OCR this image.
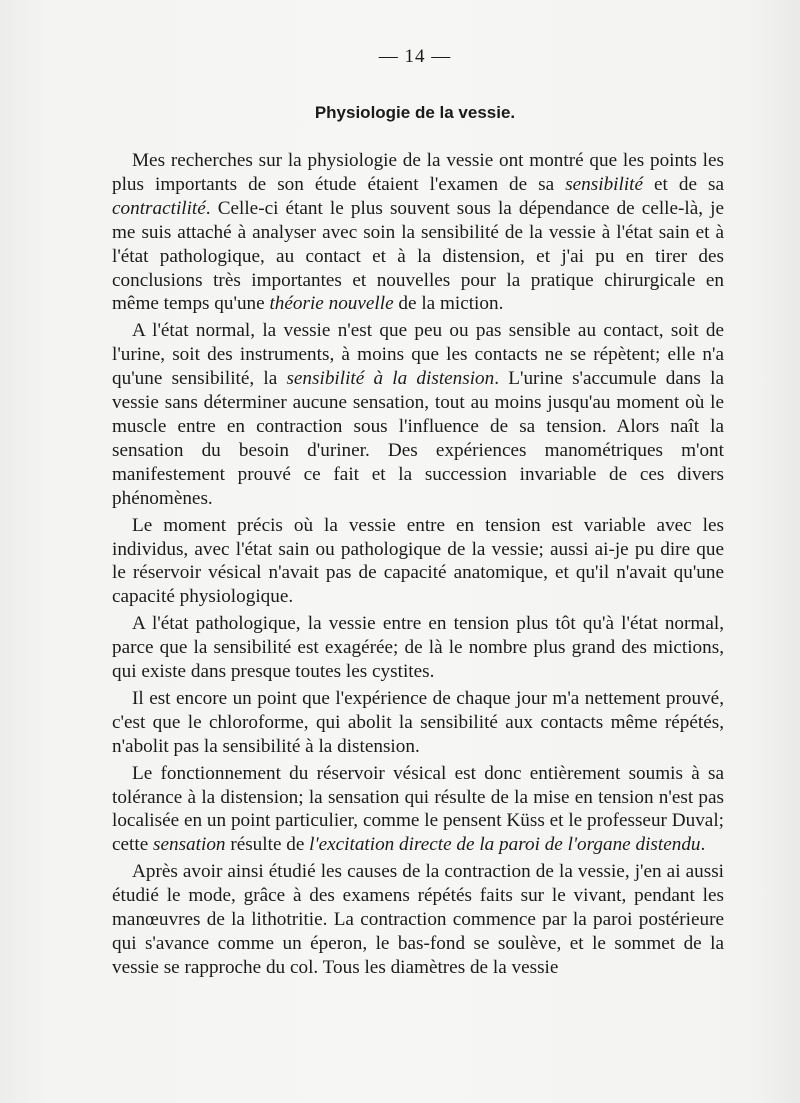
— 14 —
Physiologie de la vessie.

Mes recherches sur la physiologie de la vessie ont montré que les points les plus importants de son étude étaient l'examen de sa sensibilité et de sa contractilité. Celle-ci étant le plus souvent sous la dépendance de celle-là, je me suis attaché à analyser avec soin la sensibilité de la vessie à l'état sain et à l'état pathologique, au contact et à la distension, et j'ai pu en tirer des conclusions très importantes et nouvelles pour la pratique chirurgicale en même temps qu'une théorie nouvelle de la miction.

A l'état normal, la vessie n'est que peu ou pas sensible au contact, soit de l'urine, soit des instruments, à moins que les contacts ne se répètent; elle n'a qu'une sensibilité, la sensibilité à la distension. L'urine s'accumule dans la vessie sans déterminer aucune sensation, tout au moins jusqu'au moment où le muscle entre en contraction sous l'influence de sa tension. Alors naît la sensation du besoin d'uriner. Des expériences manométriques m'ont manifestement prouvé ce fait et la succession invariable de ces divers phénomènes.

Le moment précis où la vessie entre en tension est variable avec les individus, avec l'état sain ou pathologique de la vessie; aussi ai-je pu dire que le réservoir vésical n'avait pas de capacité anatomique, et qu'il n'avait qu'une capacité physiologique.

A l'état pathologique, la vessie entre en tension plus tôt qu'à l'état normal, parce que la sensibilité est exagérée; de là le nombre plus grand des mictions, qui existe dans presque toutes les cystites.

Il est encore un point que l'expérience de chaque jour m'a nettement prouvé, c'est que le chloroforme, qui abolit la sensibilité aux contacts même répétés, n'abolit pas la sensibilité à la distension.

Le fonctionnement du réservoir vésical est donc entièrement soumis à sa tolérance à la distension; la sensation qui résulte de la mise en tension n'est pas localisée en un point particulier, comme le pensent Küss et le professeur Duval; cette sensation résulte de l'excitation directe de la paroi de l'organe distendu.

Après avoir ainsi étudié les causes de la contraction de la vessie, j'en ai aussi étudié le mode, grâce à des examens répétés faits sur le vivant, pendant les manœuvres de la lithotritie. La contraction commence par la paroi postérieure qui s'avance comme un éperon, le bas-fond se soulève, et le sommet de la vessie se rapproche du col. Tous les diamètres de la vessie
